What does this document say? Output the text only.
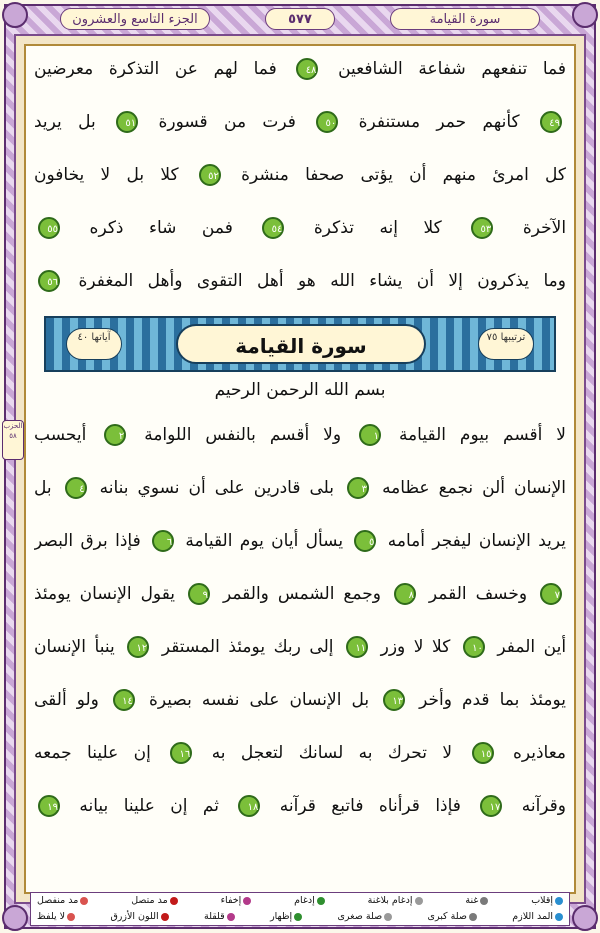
الجزء التاسع والعشرون	٥٧٧	سورة القيامة
الحزب ٥٨
فما تنفعهم شفاعة الشافعين ٤٨ فما لهم عن التذكرة معرضين
٤٩ كأنهم حمر مستنفرة ٥٠ فرت من قسورة ٥١ بل يريد
كل امرئ منهم أن يؤتى صحفا منشرة ٥٢ كلا بل لا يخافون
الآخرة ٥٣ كلا إنه تذكرة ٥٤ فمن شاء ذكره ٥٥
وما يذكرون إلا أن يشاء الله هو أهل التقوى وأهل المغفرة ٥٦
ترتيبها ٧٥
سورة القيامة
آياتها ٤٠
بسم الله الرحمن الرحيم
لا أقسم بيوم القيامة ١ ولا أقسم بالنفس اللوامة ٢ أيحسب
الإنسان ألن نجمع عظامه ٣ بلى قادرين على أن نسوي بنانه ٤ بل
يريد الإنسان ليفجر أمامه ٥ يسأل أيان يوم القيامة ٦ فإذا برق البصر
٧ وخسف القمر ٨ وجمع الشمس والقمر ٩ يقول الإنسان يومئذ
أين المفر ١٠ كلا لا وزر ١١ إلى ربك يومئذ المستقر ١٢ ينبأ الإنسان
يومئذ بما قدم وأخر ١٣ بل الإنسان على نفسه بصيرة ١٤ ولو ألقى
معاذيره ١٥ لا تحرك به لسانك لتعجل به ١٦ إن علينا جمعه
وقرآنه ١٧ فإذا قرأناه فاتبع قرآنه ١٨ ثم إن علينا بيانه ١٩
إقلاب
غنة
إدغام بلاغنة
إدغام
إخفاء
مد متصل
مد منفصل
المد اللازم
صلة كبرى
صلة صغرى
إظهار
قلقلة
اللون الأزرق
لا يلفظ
